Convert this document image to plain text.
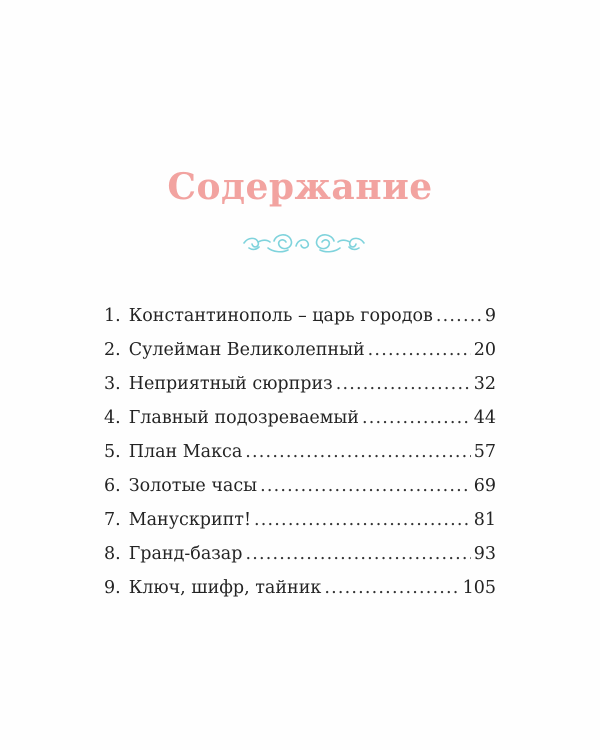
Содержание
1. Константинополь – царь городов .....	9
2. Сулейман Великолепный .....	20
3. Неприятный сюрприз .....	32
4. Главный подозреваемый .....	44
5. План Макса .....	57
6. Золотые часы .....	69
7. Манускрипт! .....	81
8. Гранд-базар .....	93
9. Ключ, шифр, тайник .....	105
